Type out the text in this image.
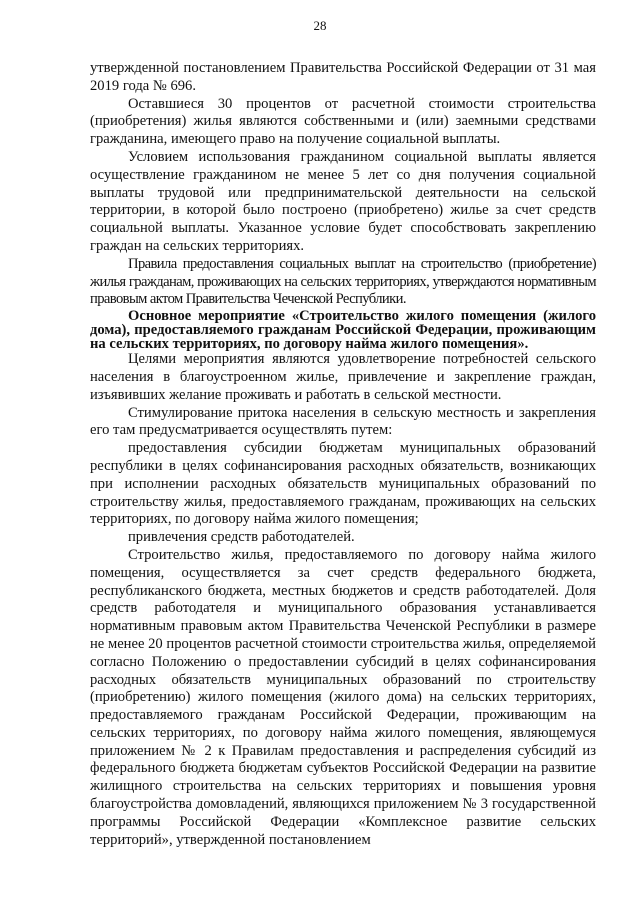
28

утвержденной постановлением Правительства Российской Федерации от 31 мая 2019 года № 696.

Оставшиеся 30 процентов от расчетной стоимости строительства (приобретения) жилья являются собственными и (или) заемными средствами гражданина, имеющего право на получение социальной выплаты.

Условием использования гражданином социальной выплаты является осуществление гражданином не менее 5 лет со дня получения социальной выплаты трудовой или предпринимательской деятельности на сельской территории, в которой было построено (приобретено) жилье за счет средств социальной выплаты. Указанное условие будет способствовать закреплению граждан на сельских территориях.

Правила предоставления социальных выплат на строительство (приобретение) жилья гражданам, проживающих на сельских территориях, утверждаются нормативным правовым актом Правительства Чеченской Республики.

Основное мероприятие «Строительство жилого помещения (жилого дома), предоставляемого гражданам Российской Федерации, проживающим на сельских территориях, по договору найма жилого помещения».

Целями мероприятия являются удовлетворение потребностей сельского населения в благоустроенном жилье, привлечение и закрепление граждан, изъявивших желание проживать и работать в сельской местности.

Стимулирование притока населения в сельскую местность и закрепления его там предусматривается осуществлять путем:

предоставления субсидии бюджетам муниципальных образований республики в целях софинансирования расходных обязательств, возникающих при исполнении расходных обязательств муниципальных образований по строительству жилья, предоставляемого гражданам, проживающих на сельских территориях, по договору найма жилого помещения;

привлечения средств работодателей.

Строительство жилья, предоставляемого по договору найма жилого помещения, осуществляется за счет средств федерального бюджета, республиканского бюджета, местных бюджетов и средств работодателей. Доля средств работодателя и муниципального образования устанавливается нормативным правовым актом Правительства Чеченской Республики в размере не менее 20 процентов расчетной стоимости строительства жилья, определяемой согласно Положению о предоставлении субсидий в целях софинансирования расходных обязательств муниципальных образований по строительству (приобретению) жилого помещения (жилого дома) на сельских территориях, предоставляемого гражданам Российской Федерации, проживающим на сельских территориях, по договору найма жилого помещения, являющемуся приложением № 2 к Правилам предоставления и распределения субсидий из федерального бюджета бюджетам субъектов Российской Федерации на развитие жилищного строительства на сельских территориях и повышения уровня благоустройства домовладений, являющихся приложением № 3 государственной программы Российской Федерации «Комплексное развитие сельских территорий», утвержденной постановлением
